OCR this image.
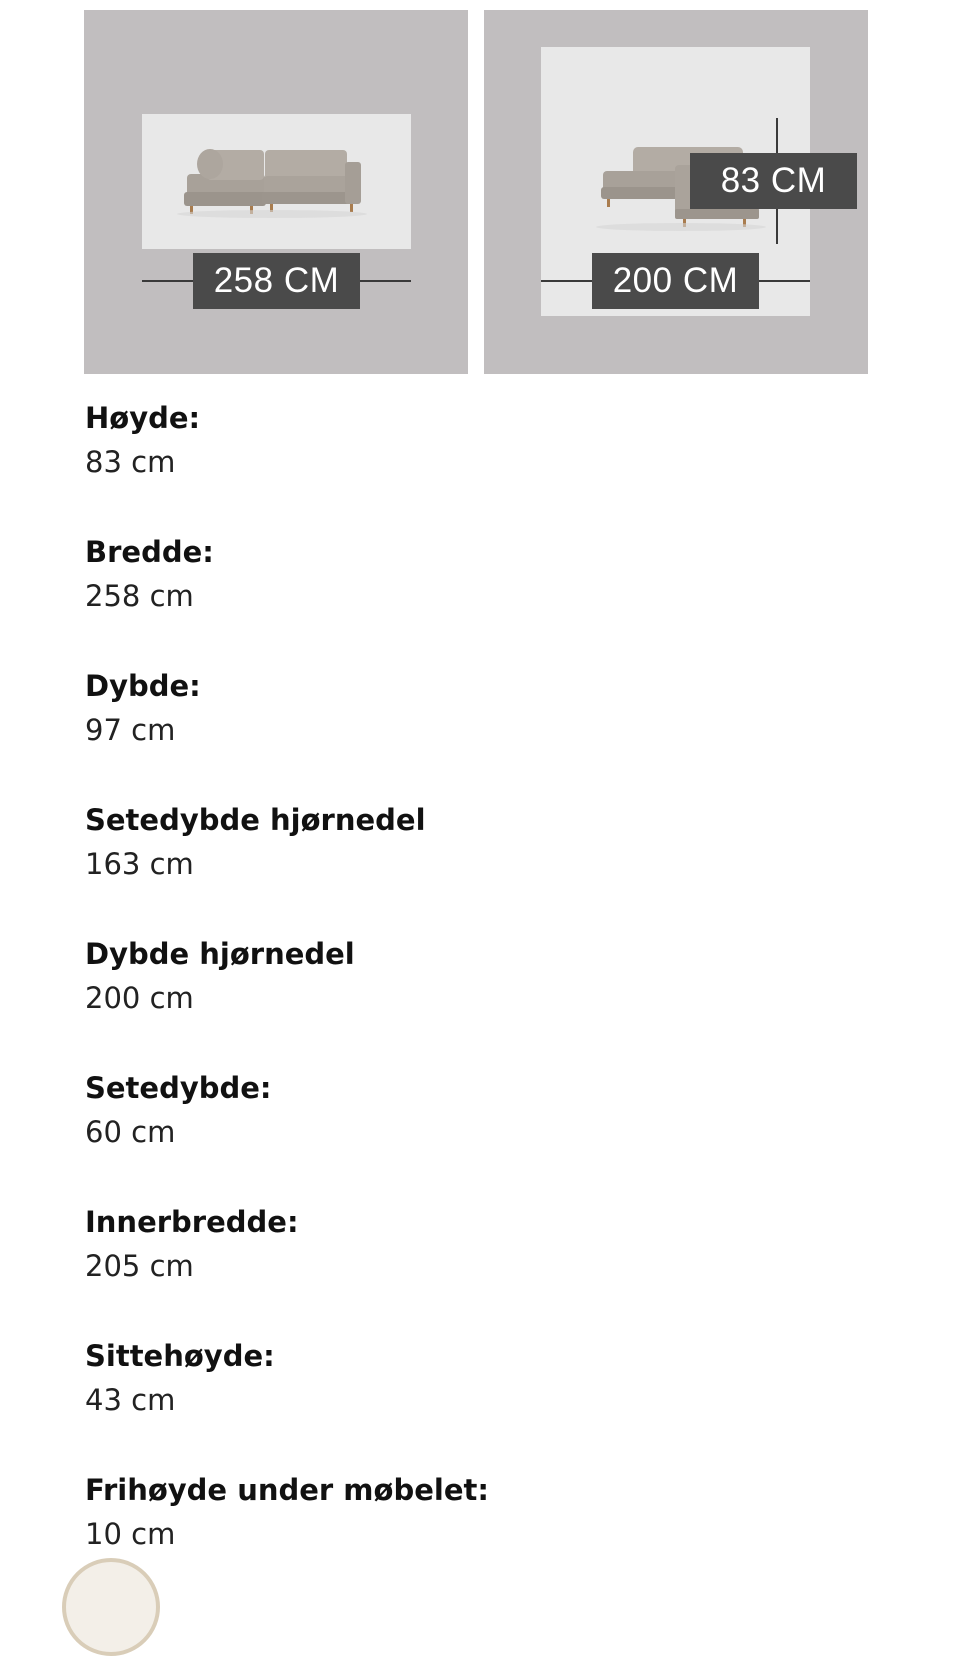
258 CM	200 CM
83 CM

Høyde:

83 cm

Bredde:

258 cm

Dybde:

97 cm

Setedybde hjørnedel

163 cm

Dybde hjørnedel

200 cm

Setedybde:

60 cm

Innerbredde:

205 cm

Sittehøyde:

43 cm

Frihøyde under møbelet:

10 cm
